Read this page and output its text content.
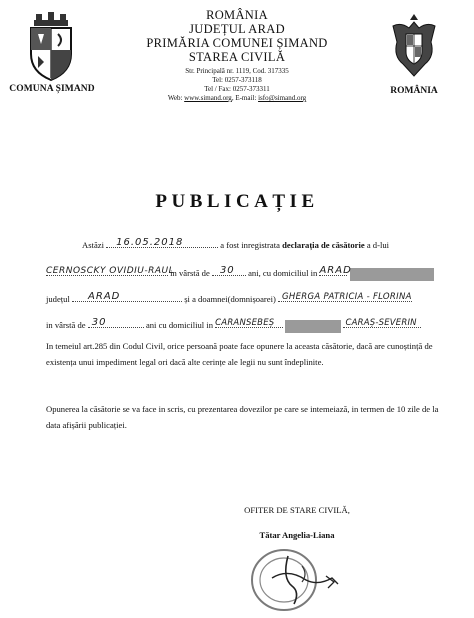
COMUNA ȘIMAND
ROMÂNIA
JUDEȚUL ARAD
PRIMĂRIA COMUNEI ȘIMAND
STAREA CIVILĂ
Str. Principală nr. 1119, Cod. 317335
Tel: 0257-373118
Tel / Fax: 0257-373311
Web: www.simand.org, E-mail: isfo@simand.org
ROMÂNIA
PUBLICAȚIE
Astăzi 16.05.2018	a fost inregistrata declarația de căsătorie a d-lui
CERNOSCKY OVIDIU-RAUL
in vârstă de 30 ani, cu domiciliul in ARAD

județul ARAD	și a doamnei(domnișoarei) GHERGA PATRICIA - FLORINA
in vârstă de 30	ani cu domiciliul in CARANSEBEȘ
	CARAȘ-SEVERIN
In temeiul art.285 din Codul Civil, orice persoană poate face opunere la aceasta căsătorie, dacă are cunoștință de existența unui impediment legal ori dacă alte cerințe ale legii nu sunt îndeplinite.
Opunerea la căsătorie se va face in scris, cu prezentarea dovezilor pe care se intemeiază, in termen de 10 zile de la data afișării publicației.
OFITER DE STARE CIVILĂ,
Tătar Angelia-Liana
